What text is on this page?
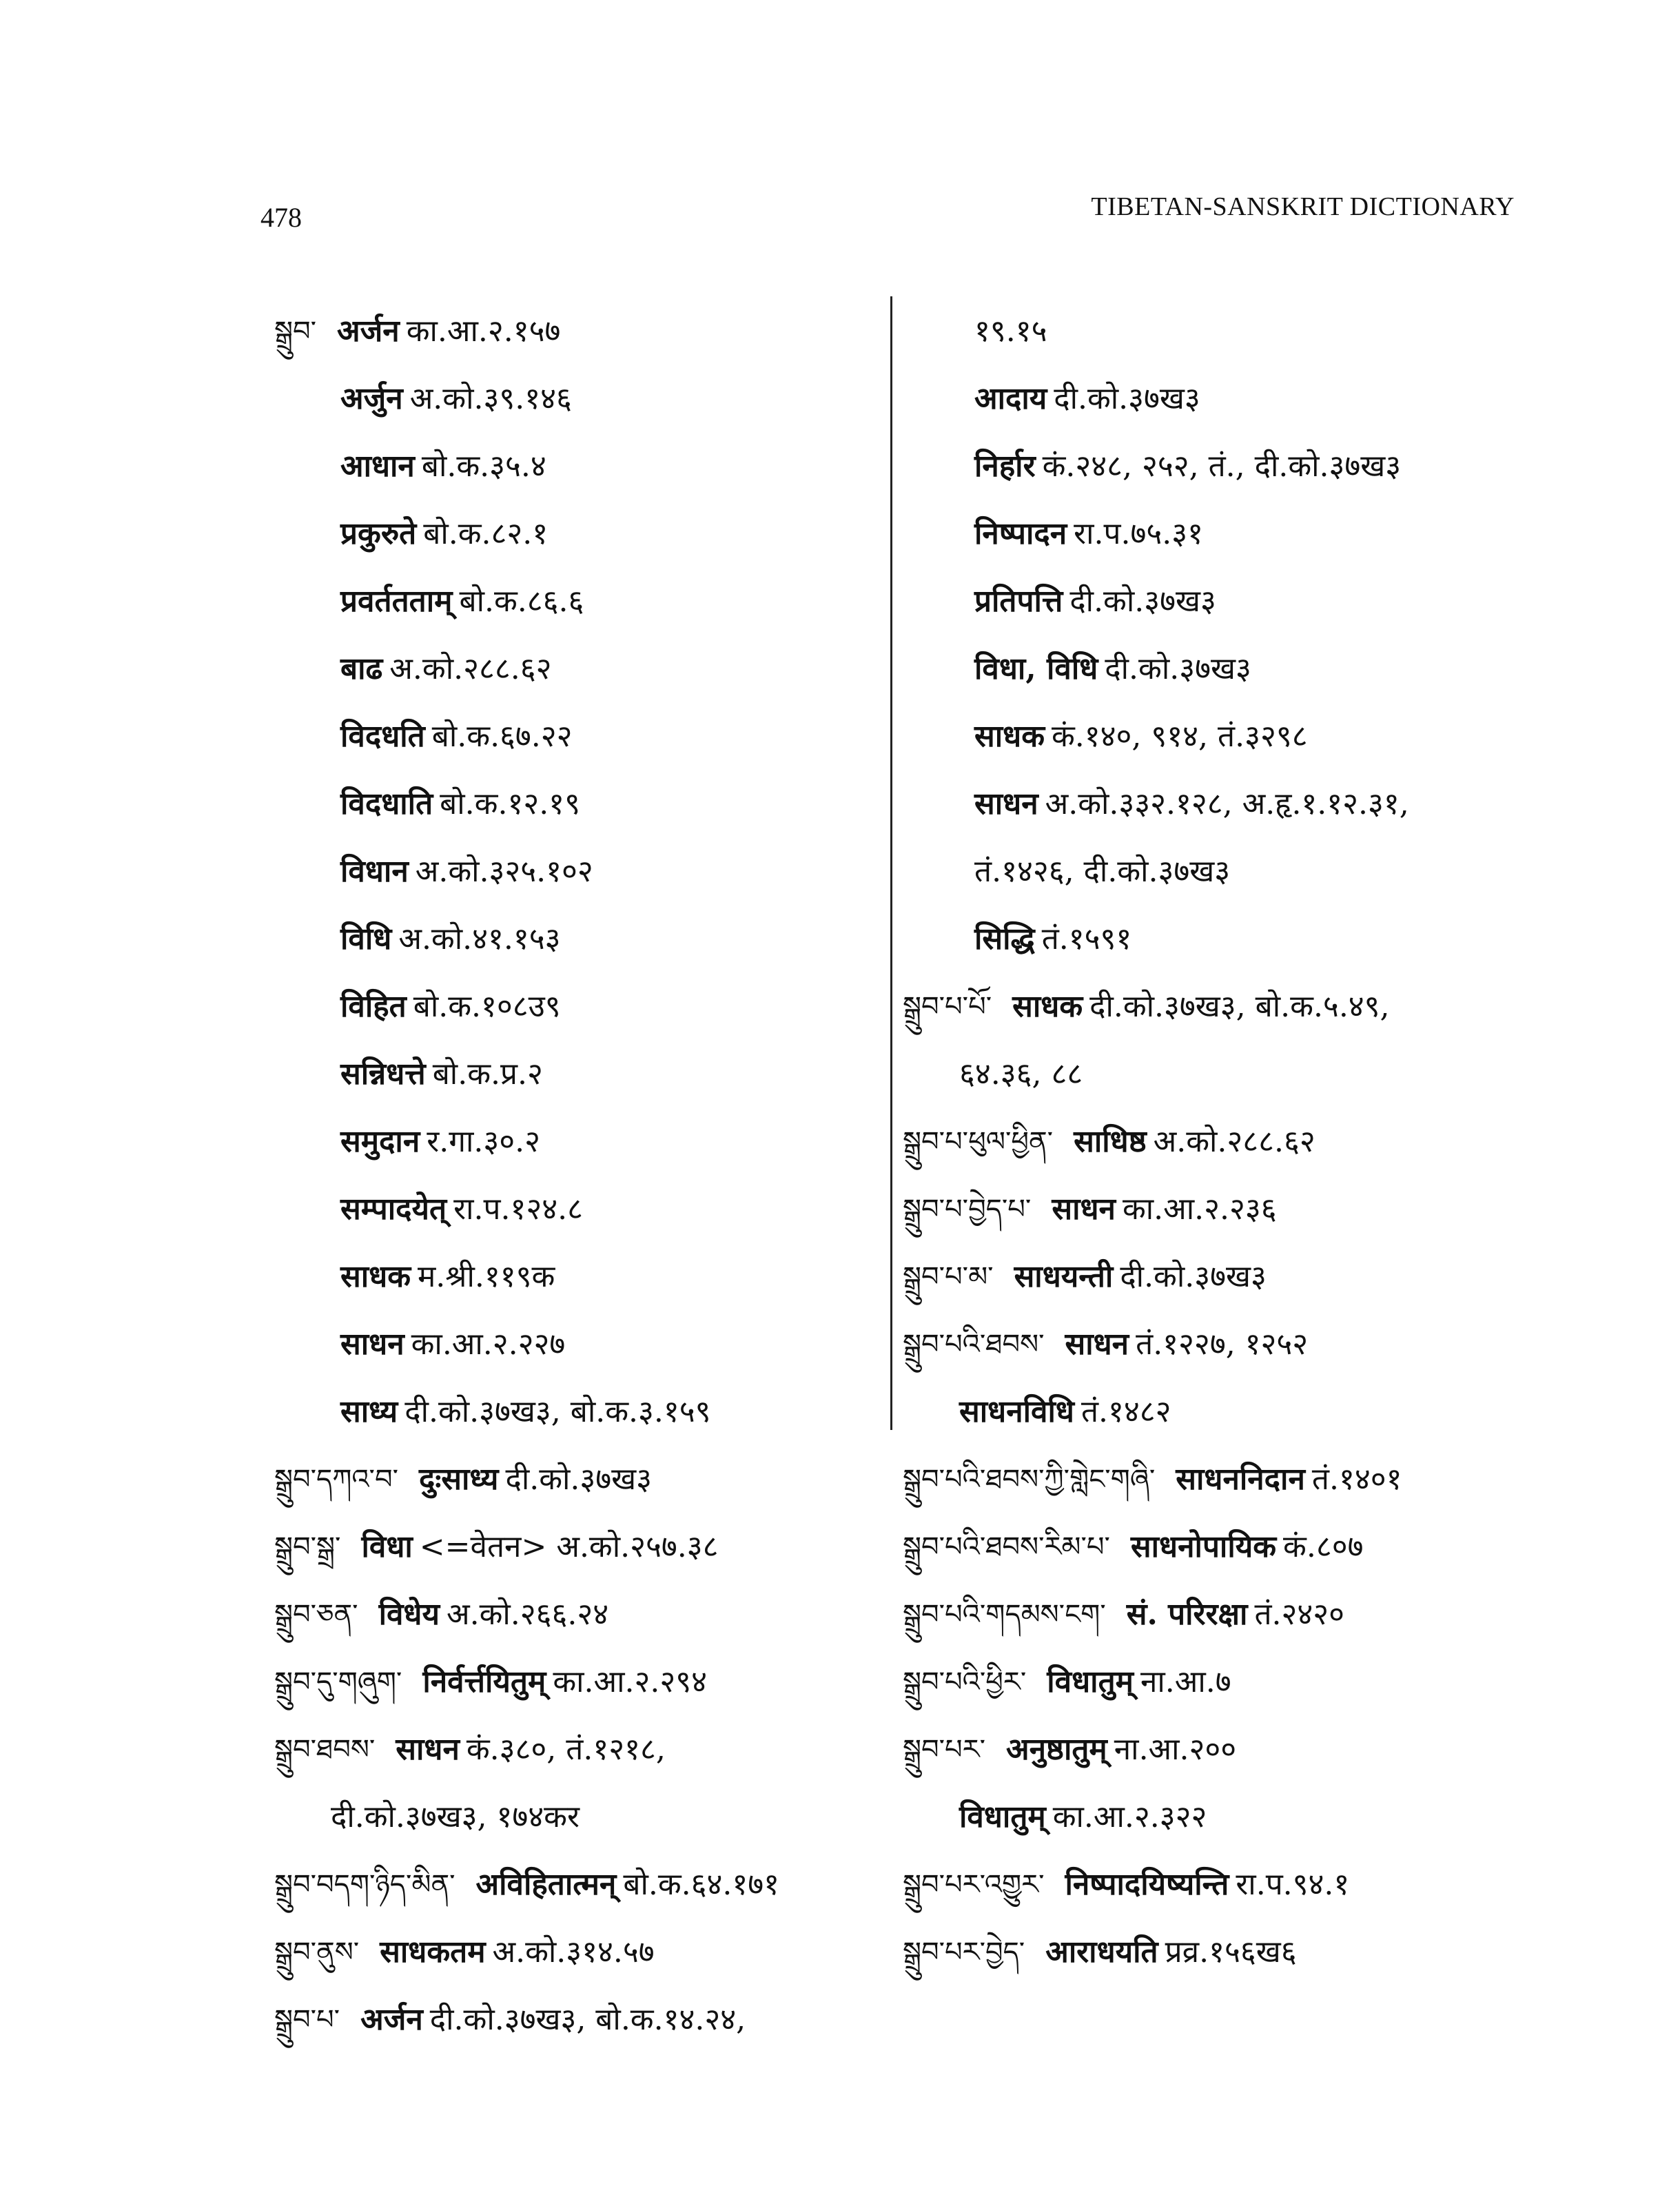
478	TIBETAN-SANSKRIT DICTIONARY
སྒྲུབ་ अर्जन का.आ.२.१५७
अर्जुन अ.को.३९.१४६
आधान बो.क.३५.४
प्रकुरुते बो.क.८२.१
प्रवर्ततताम् बो.क.८६.६
बाढ अ.को.२८८.६२
विदधति बो.क.६७.२२
विदधाति बो.क.१२.१९
विधान अ.को.३२५.१०२
विधि अ.को.४१.१५३
विहित बो.क.१०८उ९
सन्निधत्ते बो.क.प्र.२
समुदान र.गा.३०.२
सम्पादयेत् रा.प.१२४.८
साधक म.श्री.११९क
साधन का.आ.२.२२७
साध्य दी.को.३७ख३, बो.क.३.१५९
སྒྲུབ་དཀའ་བ་ दुःसाध्य दी.को.३७ख३
སྒྲུབ་སྒྲ་ विधा <=वेतन> अ.को.२५७.३८
སྒྲུབ་ཅན་ विधेय अ.को.२६६.२४
སྒྲུབ་དུ་གཞུག་ निर्वर्त्तयितुम् का.आ.२.२९४
སྒྲུབ་ཐབས་ साधन कं.३८०, तं.१२१८,
दी.को.३७ख३, १७४कर
སྒྲུབ་བདག་ཉིད་མིན་ अविहितात्मन् बो.क.६४.१७१
སྒྲུབ་ནུས་ साधकतम अ.को.३१४.५७
སྒྲུབ་པ་ अर्जन दी.को.३७ख३, बो.क.१४.२४,
१९.१५
आदाय दी.को.३७ख३
निर्हार कं.२४८, २५२, तं., दी.को.३७ख३
निष्पादन रा.प.७५.३१
प्रतिपत्ति दी.को.३७ख३
विधा, विधि दी.को.३७ख३
साधक कं.१४०, ९१४, तं.३२९८
साधन अ.को.३३२.१२८, अ.हृ.१.१२.३१,
तं.१४२६, दी.को.३७ख३
सिद्धि तं.१५९१
སྒྲུབ་པ་པོ་ साधक दी.को.३७ख३, बो.क.५.४९,
६४.३६, ८८
སྒྲུབ་པ་ཕུལ་ཕྱིན་ साधिष्ठ अ.को.२८८.६२
སྒྲུབ་པ་བྱེད་པ་ साधन का.आ.२.२३६
སྒྲུབ་པ་མ་ साधयन्ती दी.को.३७ख३
སྒྲུབ་པའི་ཐབས་ साधन तं.१२२७, १२५२
साधनविधि तं.१४८२
སྒྲུབ་པའི་ཐབས་ཀྱི་གླེང་གཞི་ साधननिदान तं.१४०१
སྒྲུབ་པའི་ཐབས་རིམ་པ་ साधनोपायिक कं.८०७
སྒྲུབ་པའི་གདམས་ངག་ सं. परिरक्षा तं.२४२०
སྒྲུབ་པའི་ཕྱིར་ विधातुम् ना.आ.७
སྒྲུབ་པར་ अनुष्ठातुम् ना.आ.२००
विधातुम् का.आ.२.३२२
སྒྲུབ་པར་འགྱུར་ निष्पादयिष्यन्ति रा.प.९४.१
སྒྲུབ་པར་བྱེད་ आराधयति प्रव्र.१५६ख६
